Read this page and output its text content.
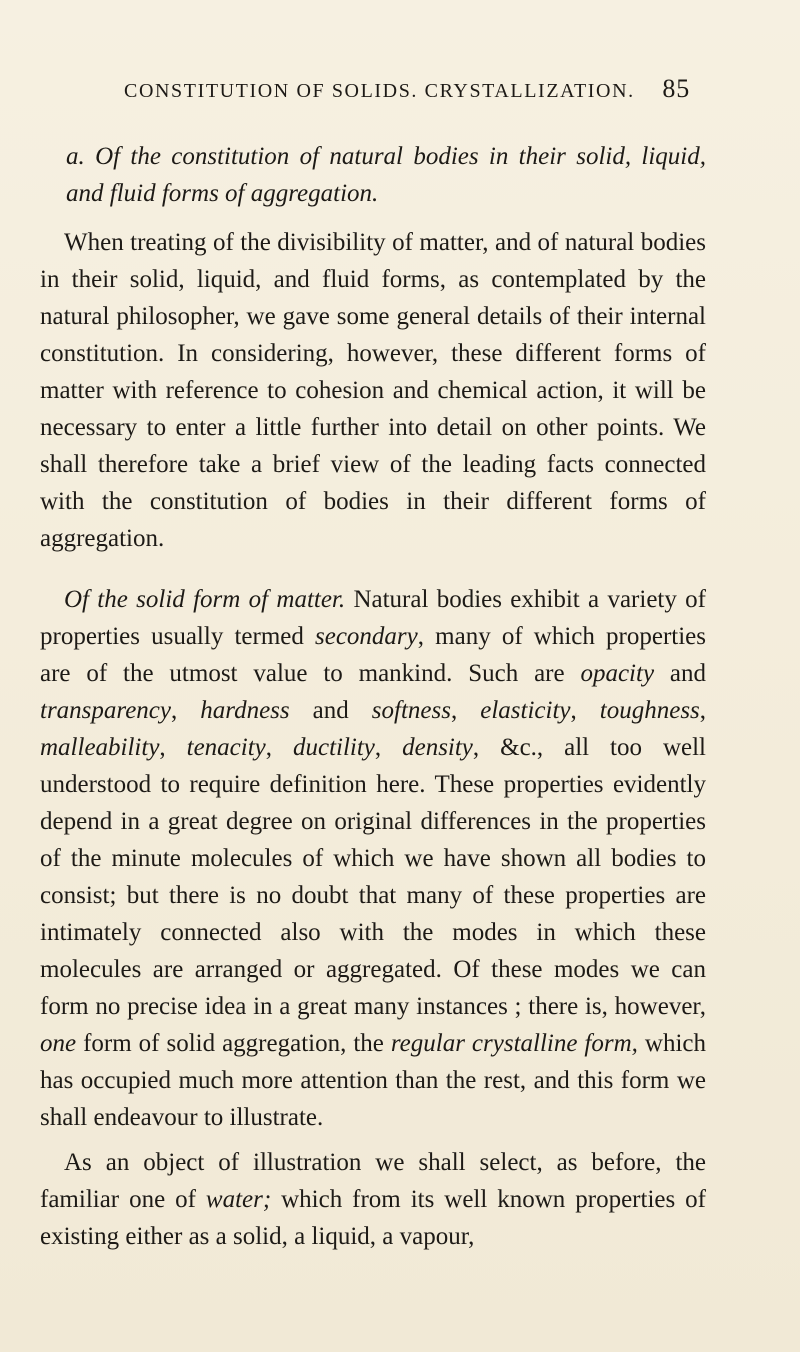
CONSTITUTION OF SOLIDS. CRYSTALLIZATION. 85

a. Of the constitution of natural bodies in their solid, liquid, and fluid forms of aggregation.

When treating of the divisibility of matter, and of natural bodies in their solid, liquid, and fluid forms, as contemplated by the natural philosopher, we gave some general details of their internal constitution. In considering, however, these different forms of matter with reference to cohesion and chemical action, it will be necessary to enter a little further into detail on other points. We shall therefore take a brief view of the leading facts connected with the constitution of bodies in their different forms of aggregation.

Of the solid form of matter. Natural bodies exhibit a variety of properties usually termed secondary, many of which properties are of the utmost value to mankind. Such are opacity and transparency, hardness and softness, elasticity, toughness, malleability, tenacity, ductility, density, &c., all too well understood to require definition here. These properties evidently depend in a great degree on original differences in the properties of the minute molecules of which we have shown all bodies to consist; but there is no doubt that many of these properties are intimately connected also with the modes in which these molecules are arranged or aggregated. Of these modes we can form no precise idea in a great many instances ; there is, however, one form of solid aggregation, the regular crystalline form, which has occupied much more attention than the rest, and this form we shall endeavour to illustrate.

As an object of illustration we shall select, as before, the familiar one of water; which from its well known properties of existing either as a solid, a liquid, a vapour,
